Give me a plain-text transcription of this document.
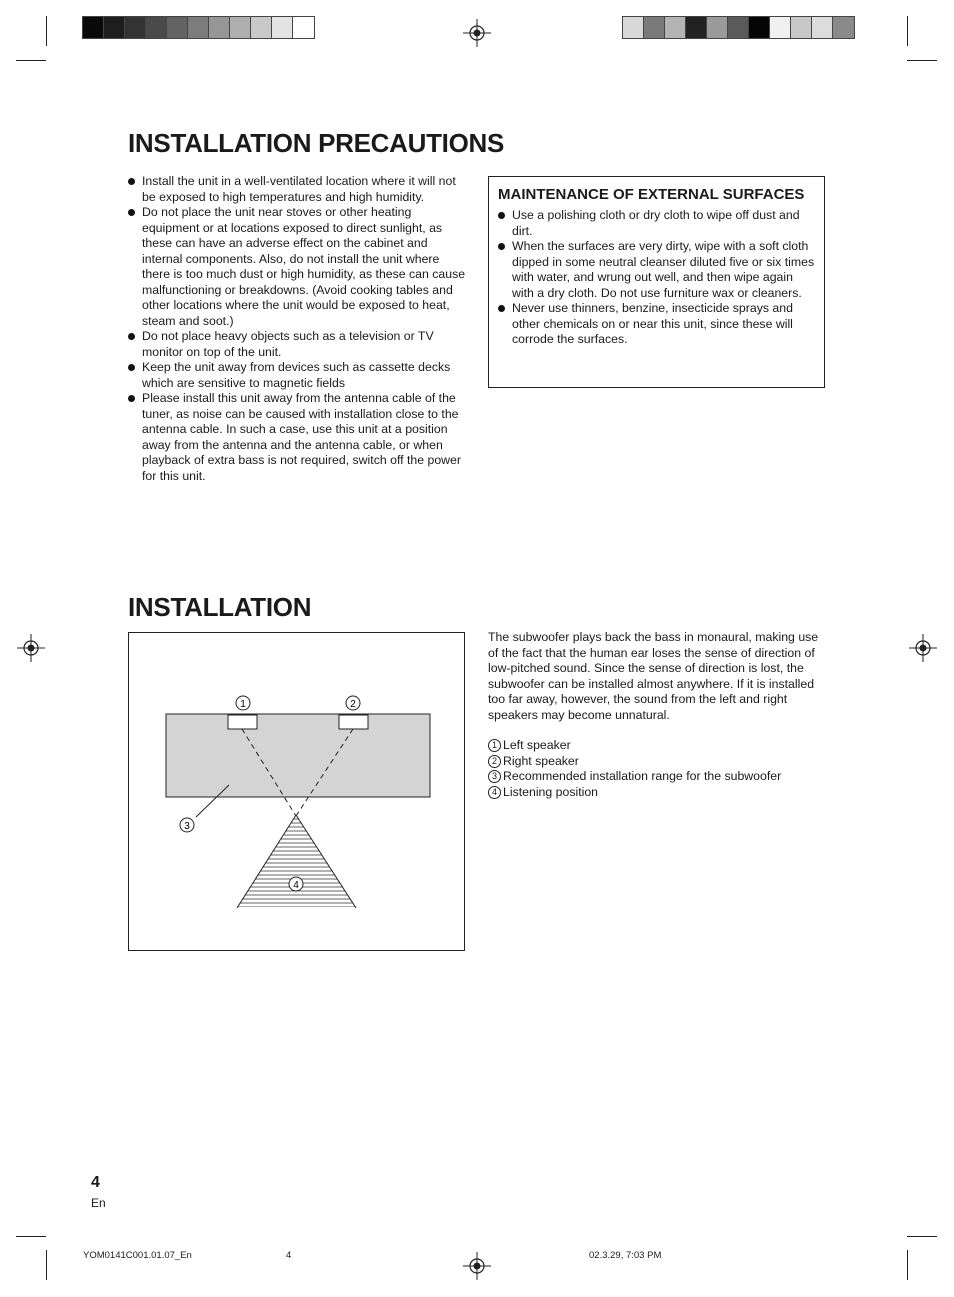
INSTALLATION PRECAUTIONS
Install the unit in a well-ventilated location where it will not be exposed to high temperatures and high humidity.
Do not place the unit near stoves or other heating equipment or at locations exposed to direct sunlight, as these can have an adverse effect on the cabinet and internal components. Also, do not install the unit where there is too much dust or high humidity, as these can cause malfunctioning or breakdowns. (Avoid cooking tables and other locations where the unit would be exposed to heat, steam and soot.)
Do not place heavy objects such as a television or TV monitor on top of the unit.
Keep the unit away from devices such as cassette decks which are sensitive to magnetic fields
Please install this unit away from the antenna cable of the tuner, as noise can be caused with installation close to the antenna cable. In such a case, use this unit at a position away from the antenna and the antenna cable, or when playback of extra bass is not required, switch off the power for this unit.
MAINTENANCE OF EXTERNAL SURFACES
Use a polishing cloth or dry cloth to wipe off dust and dirt.
When the surfaces are very dirty, wipe with a soft cloth dipped in some neutral cleanser diluted five or six times with water, and wrung out well, and then wipe again with a dry cloth. Do not use furniture wax or cleaners.
Never use thinners, benzine, insecticide sprays and other chemicals on or near this unit, since these will corrode the surfaces.
INSTALLATION
1	2
3
4

The subwoofer plays back the bass in monaural, making use of the fact that the human ear loses the sense of direction of low-pitched sound. Since the sense of direction is lost, the subwoofer can be installed almost anywhere. If it is installed too far away, however, the sound from the left and right speakers may become unnatural.

1 Left speaker
2 Right speaker
3 Recommended installation range for the subwoofer
4 Listening position
4
En
YOM0141C001.01.07_En	4	02.3.29, 7:03 PM
